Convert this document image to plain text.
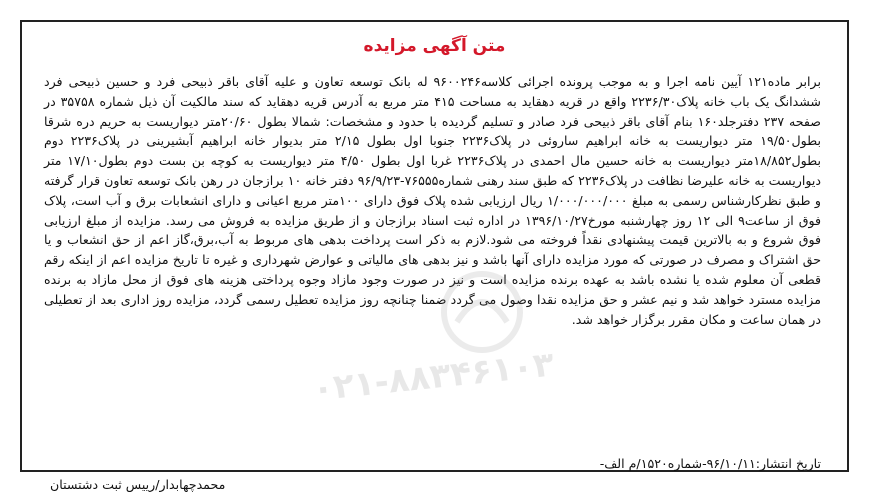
متن آگهی مزایده

برابر ماده۱۲۱ آیین نامه اجرا و به موجب پرونده اجرائی کلاسه۹۶۰۰۲۴۶ له بانک توسعه تعاون و علیه آقای باقر ذبیحی فرد و حسین ذبیحی فرد ششدانگ یک باب خانه پلاک۲۲۳۶/۳۰ واقع در قریه دهقاید به مساحت ۴۱۵ متر مربع به آدرس قریه دهقاید که سند مالکیت آن ذیل شماره ۳۵۷۵۸ در صفحه ۲۳۷ دفترجلد۱۶۰ بنام آقای باقر ذبیحی فرد صادر و تسلیم گردیده با حدود و مشخصات: شمالا بطول ۲۰/۶۰متر دیواریست به حریم دره شرقا بطول۱۹/۵۰ متر دیواریست به خانه ابراهیم ساروئی در پلاک۲۲۳۶ جنوبا اول بطول ۲/۱۵ متر بدیوار خانه ابراهیم آبشیرینی در پلاک۲۲۳۶ دوم بطول۱۸/۸۵۲متر دیواریست به خانه حسین مال احمدی در پلاک۲۲۳۶ غربا اول بطول ۴/۵۰ متر دیواریست به کوچه بن بست دوم بطول۱۷/۱۰ متر دیواریست به خانه علیرضا نظافت در پلاک۲۲۳۶ که طبق سند رهنی شماره۷۶۵۵۵-۹۶/۹/۲۳ دفتر خانه ۱۰ برازجان در رهن بانک توسعه تعاون قرار گرفته و طبق نظرکارشناس رسمی به مبلغ ۱/۰۰۰/۰۰۰/۰۰۰ ریال ارزیابی شده پلاک فوق دارای ۱۰۰متر مربع اعیانی و دارای انشعابات برق و آب است، پلاک فوق از ساعت۹ الی ۱۲ روز چهارشنبه مورخ۱۳۹۶/۱۰/۲۷ در اداره ثبت اسناد برازجان و از طریق مزایده به فروش می رسد. مزایده از مبلغ ارزیابی فوق شروع و به بالاترین قیمت پیشنهادی نقداً فروخته می شود.لازم به ذکر است پرداخت بدهی های مربوط به آب،برق،گاز اعم از حق انشعاب و یا حق اشتراک و مصرف در صورتی که مورد مزایده دارای آنها باشد و نیز بدهی های مالیاتی و عوارض شهرداری و غیره تا تاریخ مزایده اعم از اینکه رقم قطعی آن معلوم شده یا نشده باشد به عهده برنده مزایده است و نیز در صورت وجود مازاد وجوه پرداختی هزینه های فوق از محل مازاد به برنده مزایده مسترد خواهد شد و نیم عشر و حق مزایده نقدا وصول می گردد ضمنا چنانچه روز مزایده تعطیل رسمی گردد، مزایده روز اداری بعد از تعطیلی در همان ساعت و مکان مقرر برگزار خواهد شد.

تاریخ انتشار:۹۶/۱۰/۱۱-شماره۱۵۲۰/م الف-
محمدچهابدار/رییس ثبت دشتستان
۰۲۱-۸۸۳۴۶۱۰۳
